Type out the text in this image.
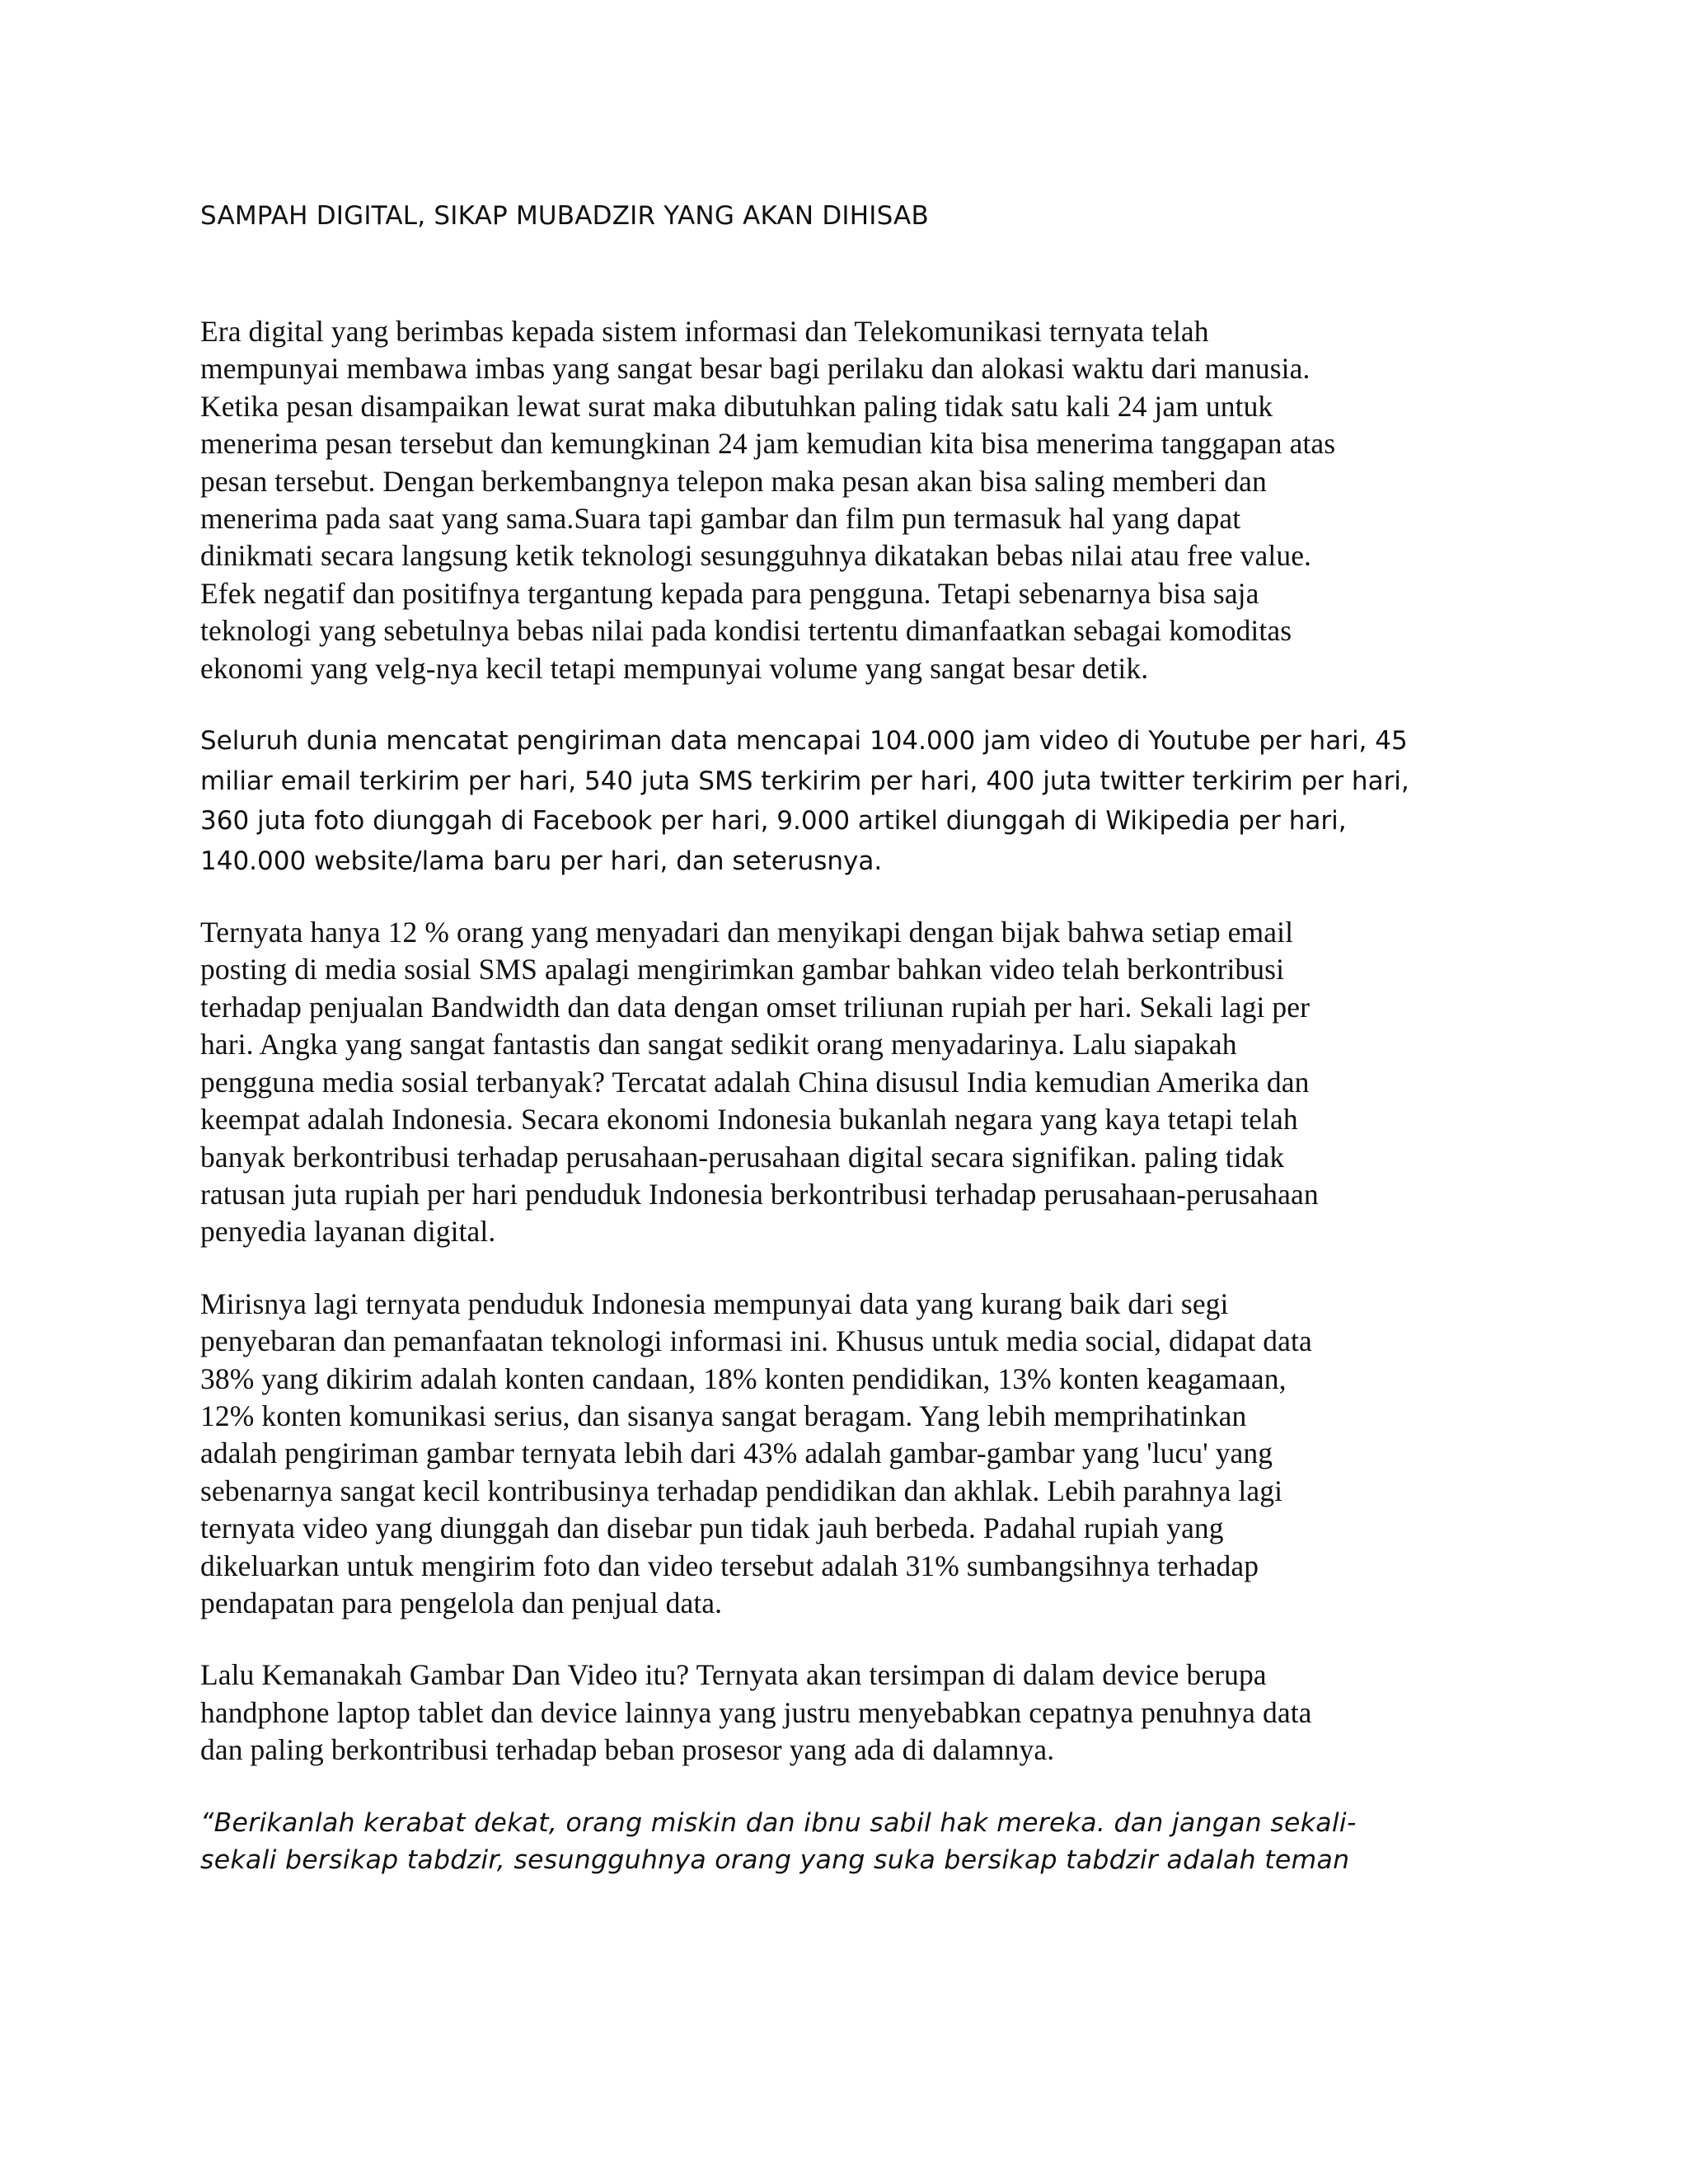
SAMPAH DIGITAL, SIKAP MUBADZIR YANG AKAN DIHISAB

Era digital yang berimbas kepada sistem informasi dan Telekomunikasi ternyata telah
mempunyai membawa imbas yang sangat besar bagi perilaku dan alokasi waktu dari manusia.
Ketika pesan disampaikan lewat surat maka dibutuhkan paling tidak satu kali 24 jam untuk
menerima pesan tersebut dan kemungkinan 24 jam kemudian kita bisa menerima tanggapan atas
pesan tersebut. Dengan berkembangnya telepon maka pesan akan bisa saling memberi dan
menerima pada saat yang sama.Suara tapi gambar dan film pun termasuk hal yang dapat
dinikmati secara langsung ketik teknologi sesungguhnya dikatakan bebas nilai atau free value.
Efek negatif dan positifnya tergantung kepada para pengguna. Tetapi sebenarnya bisa saja
teknologi yang sebetulnya bebas nilai pada kondisi tertentu dimanfaatkan sebagai komoditas
ekonomi yang velg-nya kecil tetapi mempunyai volume yang sangat besar detik.

Seluruh dunia mencatat pengiriman data mencapai 104.000 jam video di Youtube per hari, 45
miliar email terkirim per hari, 540 juta SMS terkirim per hari, 400 juta twitter terkirim per hari,
360 juta foto diunggah di Facebook per hari, 9.000 artikel diunggah di Wikipedia per hari,
140.000 website/lama baru per hari, dan seterusnya.

Ternyata hanya 12 % orang yang menyadari dan menyikapi dengan bijak bahwa setiap email
posting di media sosial SMS apalagi mengirimkan gambar bahkan video telah berkontribusi
terhadap penjualan Bandwidth dan data dengan omset triliunan rupiah per hari. Sekali lagi per
hari. Angka yang sangat fantastis dan sangat sedikit orang menyadarinya. Lalu siapakah
pengguna media sosial terbanyak? Tercatat adalah China disusul India kemudian Amerika dan
keempat adalah Indonesia. Secara ekonomi Indonesia bukanlah negara yang kaya tetapi telah
banyak berkontribusi terhadap perusahaan-perusahaan digital secara signifikan. paling tidak
ratusan juta rupiah per hari penduduk Indonesia berkontribusi terhadap perusahaan-perusahaan
penyedia layanan digital.

Mirisnya lagi ternyata penduduk Indonesia mempunyai data yang kurang baik dari segi
penyebaran dan pemanfaatan teknologi informasi ini. Khusus untuk media social, didapat data
38% yang dikirim adalah konten candaan, 18% konten pendidikan, 13% konten keagamaan,
12% konten komunikasi serius, dan sisanya sangat beragam. Yang lebih memprihatinkan
adalah pengiriman gambar ternyata lebih dari 43% adalah gambar-gambar yang 'lucu' yang
sebenarnya sangat kecil kontribusinya terhadap pendidikan dan akhlak. Lebih parahnya lagi
ternyata video yang diunggah dan disebar pun tidak jauh berbeda. Padahal rupiah yang
dikeluarkan untuk mengirim foto dan video tersebut adalah 31% sumbangsihnya terhadap
pendapatan para pengelola dan penjual data.

Lalu Kemanakah Gambar Dan Video itu? Ternyata akan tersimpan di dalam device berupa
handphone laptop tablet dan device lainnya yang justru menyebabkan cepatnya penuhnya data
dan paling berkontribusi terhadap beban prosesor yang ada di dalamnya.

“Berikanlah kerabat dekat, orang miskin dan ibnu sabil hak mereka. dan jangan sekali-
sekali bersikap tabdzir, sesungguhnya orang yang suka bersikap tabdzir adalah teman
